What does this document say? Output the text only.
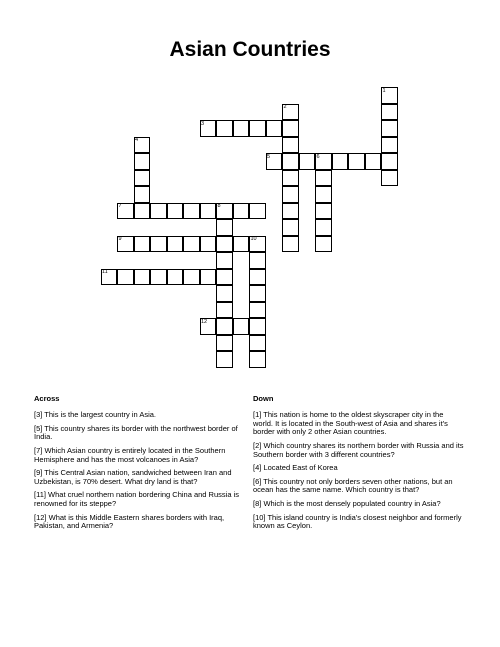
Asian Countries
1
2
3
4
5	6
7	8
9	10
11
12
Across	Down
[3] This is the largest country in Asia.
[5] This country shares its border with the northwest border of India.
[7] Which Asian country is entirely located in the Southern Hemisphere and has the most volcanoes in Asia?
[9] This Central Asian nation, sandwiched between Iran and Uzbekistan, is 70% desert. What dry land is that?
[11] What cruel northern nation bordering China and Russia is renowned for its steppe?
[12] What is this Middle Eastern shares borders with Iraq, Pakistan, and Armenia?
[1] This nation is home to the oldest skyscraper city in the world. It is located in the South-west of Asia and shares it's border with only 2 other Asian countries.
[2] Which country shares its northern border with Russia and its Southern border with 3 different countries?
[4] Located East of Korea
[6] This country not only borders seven other nations, but an ocean has the same name. Which country is that?
[8] Which is the most densely populated country in Asia?
[10] This island country is India's closest neighbor and formerly known as Ceylon.
